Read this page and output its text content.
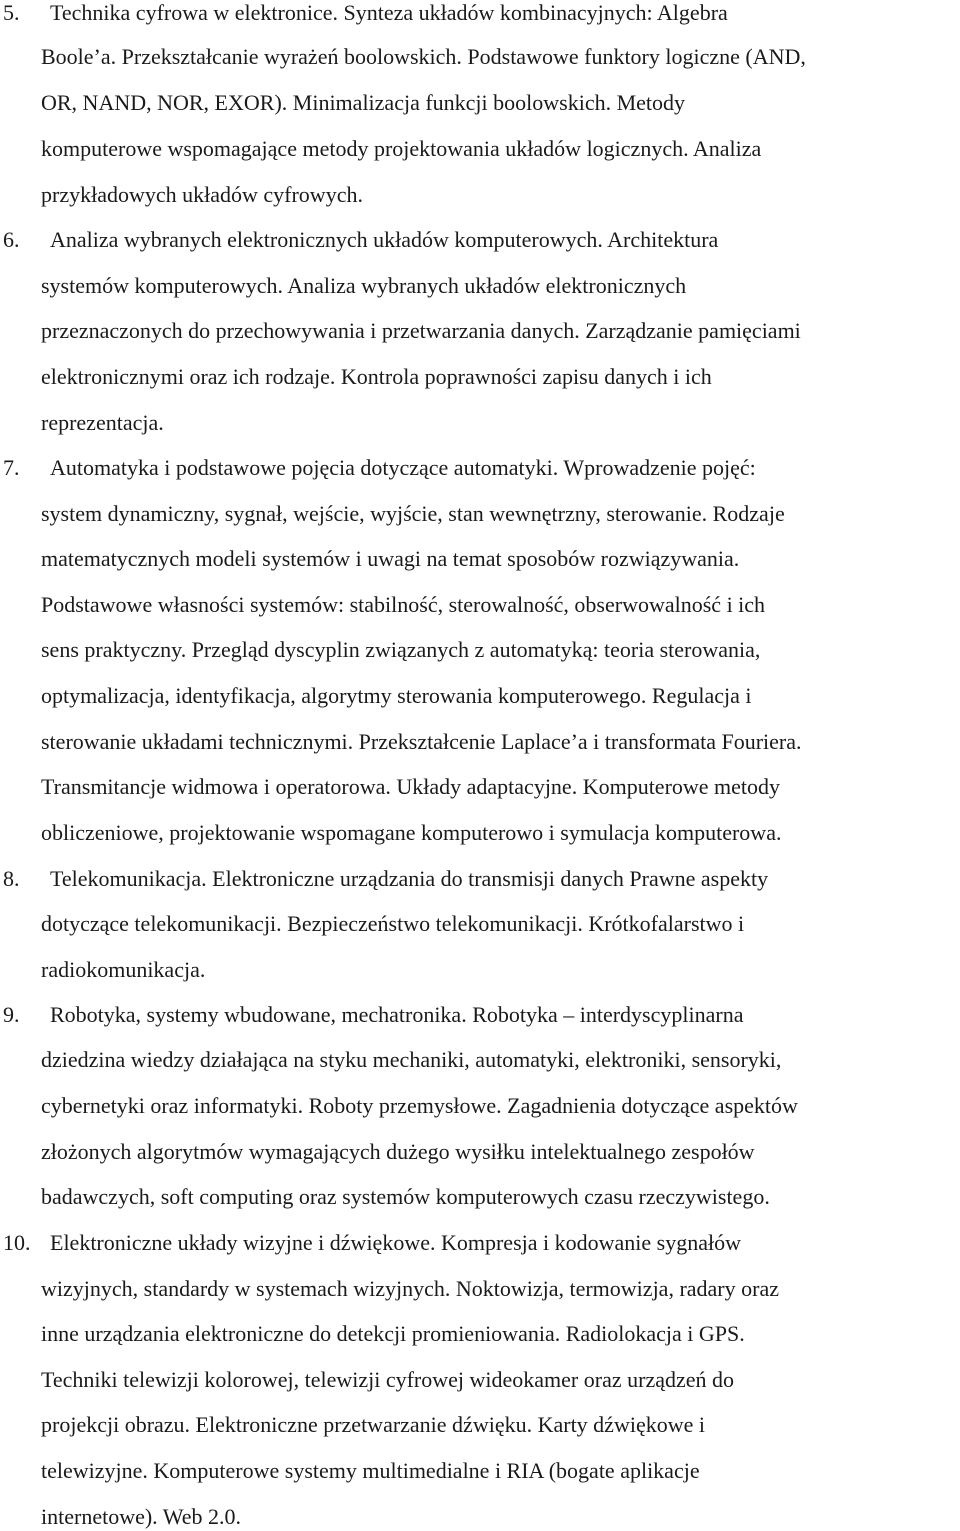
5. Technika cyfrowa w elektronice. Synteza układów kombinacyjnych: Algebra
Boole’a. Przekształcanie wyrażeń boolowskich. Podstawowe funktory logiczne (AND,
OR, NAND, NOR, EXOR). Minimalizacja funkcji boolowskich. Metody
komputerowe wspomagające metody projektowania układów logicznych. Analiza
przykładowych układów cyfrowych.
6. Analiza wybranych elektronicznych układów komputerowych. Architektura
systemów komputerowych. Analiza wybranych układów elektronicznych
przeznaczonych do przechowywania i przetwarzania danych. Zarządzanie pamięciami
elektronicznymi oraz ich rodzaje. Kontrola poprawności zapisu danych i ich
reprezentacja.
7. Automatyka i podstawowe pojęcia dotyczące automatyki. Wprowadzenie pojęć:
system dynamiczny, sygnał, wejście, wyjście, stan wewnętrzny, sterowanie. Rodzaje
matematycznych modeli systemów i uwagi na temat sposobów rozwiązywania.
Podstawowe własności systemów: stabilność, sterowalność, obserwowalność i ich
sens praktyczny. Przegląd dyscyplin związanych z automatyką: teoria sterowania,
optymalizacja, identyfikacja, algorytmy sterowania komputerowego. Regulacja i
sterowanie układami technicznymi. Przekształcenie Laplace’a i transformata Fouriera.
Transmitancje widmowa i operatorowa. Układy adaptacyjne. Komputerowe metody
obliczeniowe, projektowanie wspomagane komputerowo i symulacja komputerowa.
8. Telekomunikacja. Elektroniczne urządzania do transmisji danych Prawne aspekty
dotyczące telekomunikacji. Bezpieczeństwo telekomunikacji. Krótkofalarstwo i
radiokomunikacja.
9. Robotyka, systemy wbudowane, mechatronika. Robotyka – interdyscyplinarna
dziedzina wiedzy działająca na styku mechaniki, automatyki, elektroniki, sensoryki,
cybernetyki oraz informatyki. Roboty przemysłowe. Zagadnienia dotyczące aspektów
złożonych algorytmów wymagających dużego wysiłku intelektualnego zespołów
badawczych, soft computing oraz systemów komputerowych czasu rzeczywistego.
10. Elektroniczne układy wizyjne i dźwiękowe. Kompresja i kodowanie sygnałów
wizyjnych, standardy w systemach wizyjnych. Noktowizja, termowizja, radary oraz
inne urządzania elektroniczne do detekcji promieniowania. Radiolokacja i GPS.
Techniki telewizji kolorowej, telewizji cyfrowej wideokamer oraz urządzeń do
projekcji obrazu. Elektroniczne przetwarzanie dźwięku. Karty dźwiękowe i
telewizyjne. Komputerowe systemy multimedialne i RIA (bogate aplikacje
internetowe). Web 2.0.
